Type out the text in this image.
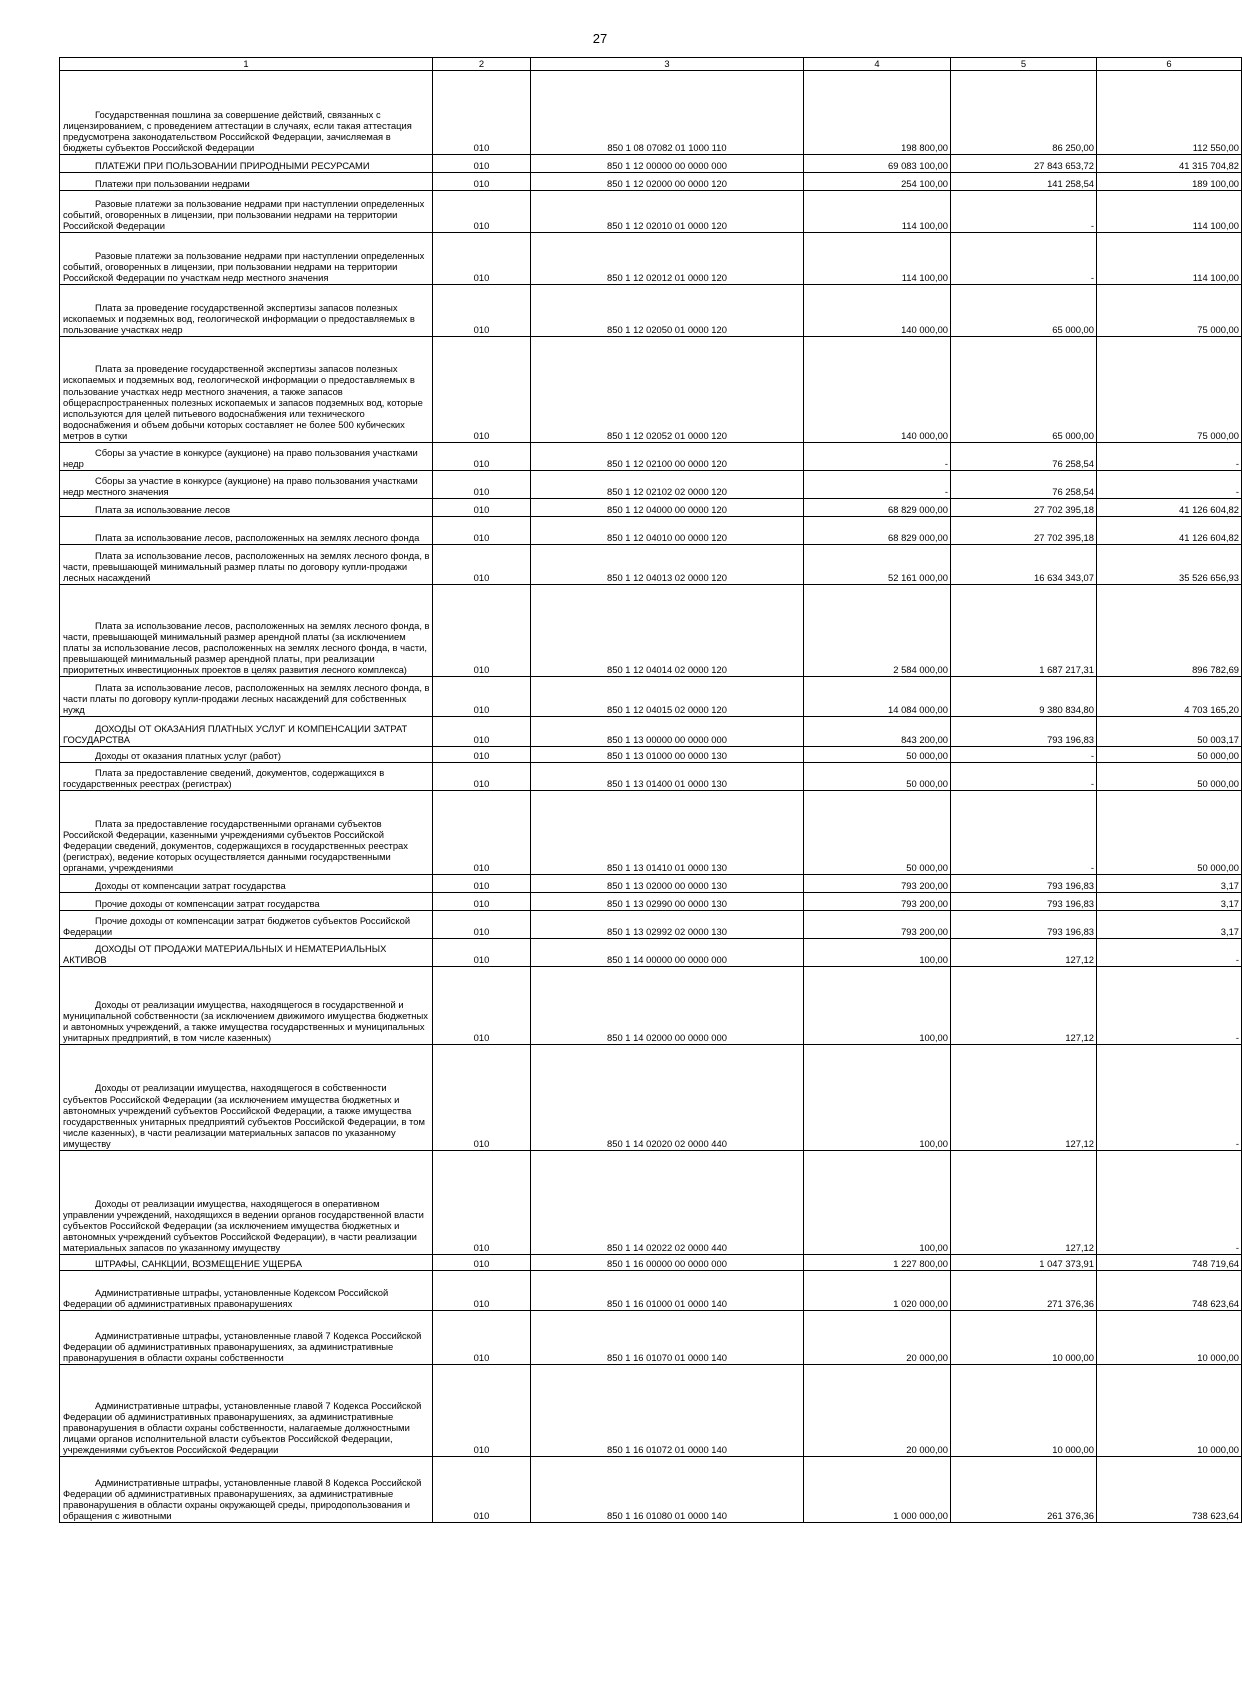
27
1	2	3	4	5	6

Государственная пошлина за совершение действий, связанных с лицензированием, с проведением аттестации в случаях, если такая аттестация предусмотрена законодательством Российской Федерации, зачисляемая в бюджеты субъектов Российской Федерации	010	850 1 08 07082 01 1000 110	198 800,00	86 250,00	112 550,00

ПЛАТЕЖИ ПРИ ПОЛЬЗОВАНИИ ПРИРОДНЫМИ РЕСУРСАМИ	010	850 1 12 00000 00 0000 000	69 083 100,00	27 843 653,72	41 315 704,82

Платежи при пользовании недрами	010	850 1 12 02000 00 0000 120	254 100,00	141 258,54	189 100,00

Разовые платежи за пользование недрами при наступлении определенных событий, оговоренных в лицензии, при пользовании недрами на территории Российской Федерации	010	850 1 12 02010 01 0000 120	114 100,00	-	114 100,00

Разовые платежи за пользование недрами при наступлении определенных событий, оговоренных в лицензии, при пользовании недрами на территории Российской Федерации по участкам недр местного значения	010	850 1 12 02012 01 0000 120	114 100,00	-	114 100,00

Плата за проведение государственной экспертизы запасов полезных ископаемых и подземных вод, геологической информации о предоставляемых в пользование участках недр	010	850 1 12 02050 01 0000 120	140 000,00	65 000,00	75 000,00

Плата за проведение государственной экспертизы запасов полезных ископаемых и подземных вод, геологической информации о предоставляемых в пользование участках недр местного значения, а также запасов общераспространенных полезных ископаемых и запасов подземных вод, которые используются для целей питьевого водоснабжения или технического водоснабжения и объем добычи которых составляет не более 500 кубических метров в сутки	010	850 1 12 02052 01 0000 120	140 000,00	65 000,00	75 000,00

Сборы за участие в конкурсе (аукционе) на право пользования участками недр	010	850 1 12 02100 00 0000 120	-	76 258,54	-

Сборы за участие в конкурсе (аукционе) на право пользования участками недр местного значения	010	850 1 12 02102 02 0000 120	-	76 258,54	-

Плата за использование лесов	010	850 1 12 04000 00 0000 120	68 829 000,00	27 702 395,18	41 126 604,82

Плата за использование лесов, расположенных на землях лесного фонда	010	850 1 12 04010 00 0000 120	68 829 000,00	27 702 395,18	41 126 604,82

Плата за использование лесов, расположенных на землях лесного фонда, в части, превышающей минимальный размер платы по договору купли-продажи лесных насаждений	010	850 1 12 04013 02 0000 120	52 161 000,00	16 634 343,07	35 526 656,93

Плата за использование лесов, расположенных на землях лесного фонда, в части, превышающей минимальный размер арендной платы (за исключением платы за использование лесов, расположенных на землях лесного фонда, в части, превышающей минимальный размер арендной платы, при реализации приоритетных инвестиционных проектов в целях развития лесного комплекса)	010	850 1 12 04014 02 0000 120	2 584 000,00	1 687 217,31	896 782,69

Плата за использование лесов, расположенных на землях лесного фонда, в части платы по договору купли-продажи лесных насаждений для собственных нужд	010	850 1 12 04015 02 0000 120	14 084 000,00	9 380 834,80	4 703 165,20

ДОХОДЫ ОТ ОКАЗАНИЯ ПЛАТНЫХ УСЛУГ И КОМПЕНСАЦИИ ЗАТРАТ ГОСУДАРСТВА	010	850 1 13 00000 00 0000 000	843 200,00	793 196,83	50 003,17

Доходы от оказания платных услуг (работ)	010	850 1 13 01000 00 0000 130	50 000,00	-	50 000,00

Плата за предоставление сведений, документов, содержащихся в государственных реестрах (регистрах)	010	850 1 13 01400 01 0000 130	50 000,00	-	50 000,00

Плата за предоставление государственными органами субъектов Российской Федерации, казенными учреждениями субъектов Российской Федерации сведений, документов, содержащихся в государственных реестрах (регистрах), ведение которых осуществляется данными государственными органами, учреждениями	010	850 1 13 01410 01 0000 130	50 000,00	-	50 000,00

Доходы от компенсации затрат государства	010	850 1 13 02000 00 0000 130	793 200,00	793 196,83	3,17

Прочие доходы от компенсации затрат государства	010	850 1 13 02990 00 0000 130	793 200,00	793 196,83	3,17

Прочие доходы от компенсации затрат бюджетов субъектов Российской Федерации	010	850 1 13 02992 02 0000 130	793 200,00	793 196,83	3,17

ДОХОДЫ ОТ ПРОДАЖИ МАТЕРИАЛЬНЫХ И НЕМАТЕРИАЛЬНЫХ АКТИВОВ	010	850 1 14 00000 00 0000 000	100,00	127,12	-

Доходы от реализации имущества, находящегося в государственной и муниципальной собственности (за исключением движимого имущества бюджетных и автономных учреждений, а также имущества государственных и муниципальных унитарных предприятий, в том числе казенных)	010	850 1 14 02000 00 0000 000	100,00	127,12	-

Доходы от реализации имущества, находящегося в собственности субъектов Российской Федерации (за исключением имущества бюджетных и автономных учреждений субъектов Российской Федерации, а также имущества государственных унитарных предприятий субъектов Российской Федерации, в том числе казенных), в части реализации материальных запасов по указанному имуществу	010	850 1 14 02020 02 0000 440	100,00	127,12	-

Доходы от реализации имущества, находящегося в оперативном управлении учреждений, находящихся в ведении органов государственной власти субъектов Российской Федерации (за исключением имущества бюджетных и автономных учреждений субъектов Российской Федерации), в части реализации материальных запасов по указанному имуществу	010	850 1 14 02022 02 0000 440	100,00	127,12	-

ШТРАФЫ, САНКЦИИ, ВОЗМЕЩЕНИЕ УЩЕРБА	010	850 1 16 00000 00 0000 000	1 227 800,00	1 047 373,91	748 719,64

Административные штрафы, установленные Кодексом Российской Федерации об административных правонарушениях	010	850 1 16 01000 01 0000 140	1 020 000,00	271 376,36	748 623,64

Административные штрафы, установленные главой 7 Кодекса Российской Федерации об административных правонарушениях, за административные правонарушения в области охраны собственности	010	850 1 16 01070 01 0000 140	20 000,00	10 000,00	10 000,00

Административные штрафы, установленные главой 7 Кодекса Российской Федерации об административных правонарушениях, за административные правонарушения в области охраны собственности, налагаемые должностными лицами органов исполнительной власти субъектов Российской Федерации, учреждениями субъектов Российской Федерации	010	850 1 16 01072 01 0000 140	20 000,00	10 000,00	10 000,00

Административные штрафы, установленные главой 8 Кодекса Российской Федерации об административных правонарушениях, за административные правонарушения в области охраны окружающей среды, природопользования и обращения с животными	010	850 1 16 01080 01 0000 140	1 000 000,00	261 376,36	738 623,64
